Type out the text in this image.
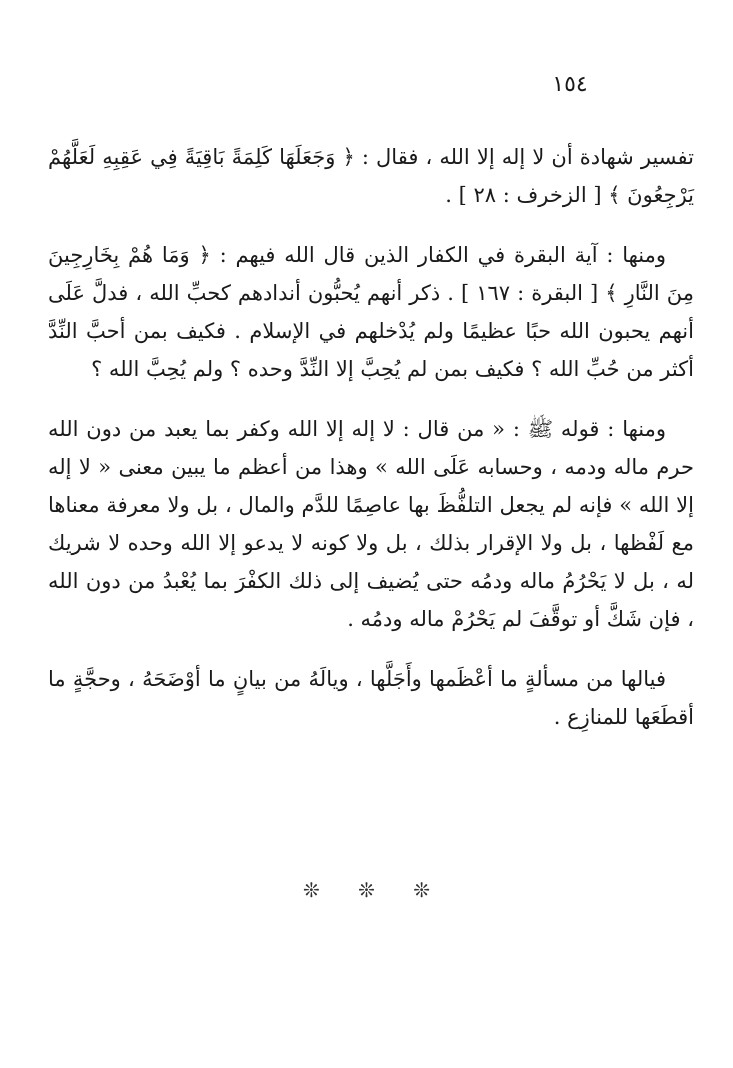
١٥٤

تفسير شهادة أن لا إله إلا الله ، فقال : ﴿ وَجَعَلَهَا كَلِمَةً بَاقِيَةً فِي عَقِبِهِ لَعَلَّهُمْ يَرْجِعُونَ ﴾ [ الزخرف : ٢٨ ] .

ومنها : آية البقرة في الكفار الذين قال الله فيهم : ﴿ وَمَا هُمْ بِخَارِجِينَ مِنَ النَّارِ ﴾ [ البقرة : ١٦٧ ] . ذكر أنهم يُحبُّون أندادهم كحبِّ الله ، فدلَّ عَلَى أنهم يحبون الله حبًا عظيمًا ولم يُدْخلهم في الإسلام . فكيف بمن أحبَّ النِّدَّ أكثر من حُبِّ الله ؟ فكيف بمن لم يُحِبَّ إلا النِّدَّ وحده ؟ ولم يُحِبَّ الله ؟

ومنها : قوله ﷺ : « من قال : لا إله إلا الله وكفر بما يعبد من دون الله حرم ماله ودمه ، وحسابه عَلَى الله » وهذا من أعظم ما يبين معنى « لا إله إلا الله » فإنه لم يجعل التلفُّظَ بها عاصِمًا للدَّم والمال ، بل ولا معرفة معناها مع لَفْظها ، بل ولا الإقرار بذلك ، بل ولا كونه لا يدعو إلا الله وحده لا شريك له ، بل لا يَحْرُمُ ماله ودمُه حتى يُضيف إلى ذلك الكفْرَ بما يُعْبدُ من دون الله ، فإن شَكَّ أو توقَّفَ لم يَحْرُمْ ماله ودمُه .

فيالها من مسألةٍ ما أعْظَمها وأَجَلَّها ، ويالَهُ من بيانٍ ما أوْضَحَهُ ، وحجَّةٍ ما أقطَعَها للمنازِع .

❊ ❊ ❊
